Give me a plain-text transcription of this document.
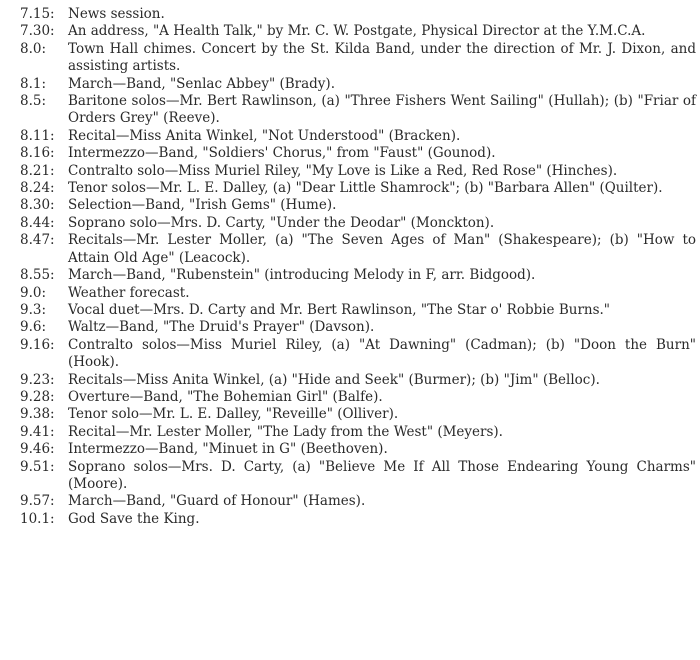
7.15: News session.
7.30: An address, "A Health Talk," by Mr. C. W. Postgate, Physical Director at the Y.M.C.A.
8.0:	Town Hall chimes. Concert by the St. Kilda Band, under the direction of Mr. J. Dixon, and assisting artists.
8.1:	March—Band, "Senlac Abbey" (Brady).
8.5:	Baritone solos—Mr. Bert Rawlinson, (a) "Three Fishers Went Sailing" (Hullah); (b) "Friar of Orders Grey" (Reeve).
8.11: Recital—Miss Anita Winkel, "Not Understood" (Bracken).
8.16: Intermezzo—Band, "Soldiers' Chorus," from "Faust" (Gounod).
8.21: Contralto solo—Miss Muriel Riley, "My Love is Like a Red, Red Rose" (Hinches).
8.24: Tenor solos—Mr. L. E. Dalley, (a) "Dear Little Shamrock"; (b) "Barbara Allen" (Quilter).
8.30: Selection—Band, "Irish Gems" (Hume).
8.44: Soprano solo—Mrs. D. Carty, "Under the Deodar" (Monckton).
8.47: Recitals—Mr. Lester Moller, (a) "The Seven Ages of Man" (Shakespeare); (b) "How to Attain Old Age" (Leacock).
8.55: March—Band, "Rubenstein" (introducing Melody in F, arr. Bidgood).
9.0:	Weather forecast.
9.3:	Vocal duet—Mrs. D. Carty and Mr. Bert Rawlinson, "The Star o' Robbie Burns."
9.6:	Waltz—Band, "The Druid's Prayer" (Davson).
9.16: Contralto solos—Miss Muriel Riley, (a) "At Dawning" (Cadman); (b) "Doon the Burn" (Hook).
9.23: Recitals—Miss Anita Winkel, (a) "Hide and Seek" (Burmer); (b) "Jim" (Belloc).
9.28: Overture—Band, "The Bohemian Girl" (Balfe).
9.38: Tenor solo—Mr. L. E. Dalley, "Reveille" (Olliver).
9.41: Recital—Mr. Lester Moller, "The Lady from the West" (Meyers).
9.46: Intermezzo—Band, "Minuet in G" (Beethoven).
9.51: Soprano solos—Mrs. D. Carty, (a) "Believe Me If All Those Endearing Young Charms" (Moore).
9.57: March—Band, "Guard of Honour" (Hames).
10.1: God Save the King.
